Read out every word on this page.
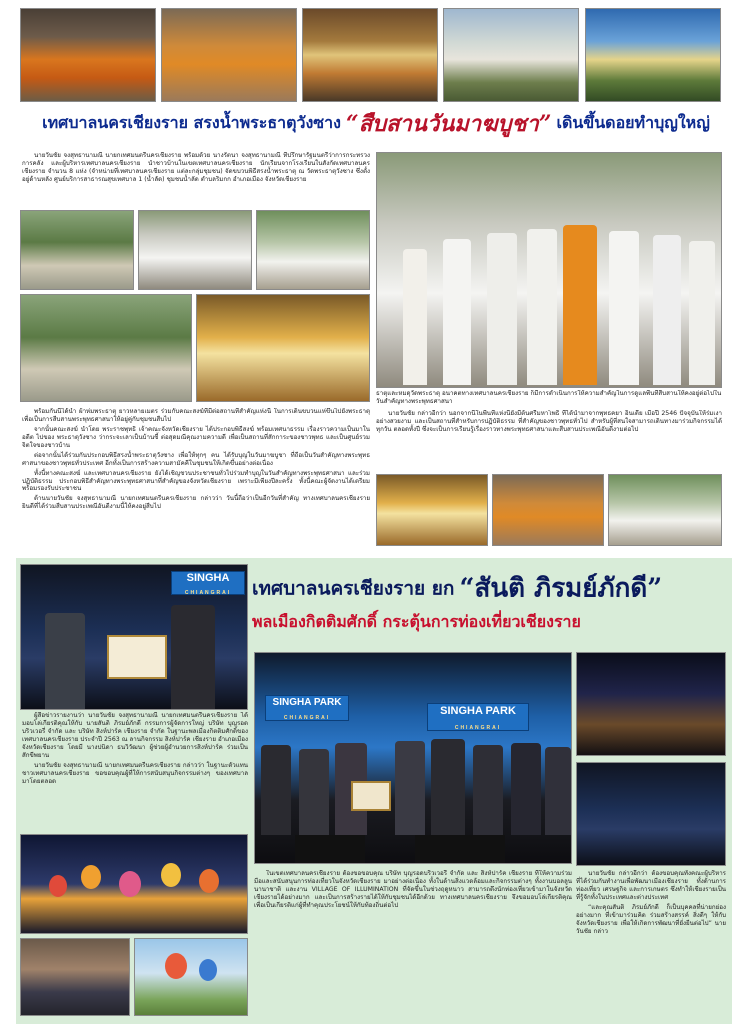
เทศบาลนครเชียงราย สรงน้ำพระธาตุวังซาง “สืบสานวันมาฆบูชา” เดินขึ้นดอยทำบุญใหญ่

นายวันชัย จงสุทธานามณี นายกเทศมนตรีนครเชียงราย พร้อมด้วย นางรัตนา จงสุทธานามณี ที่ปรึกษารัฐมนตรีว่าการกระทรวงการคลัง และผู้บริหารเทศบาลนครเชียงราย นำชาวบ้านในเขตเทศบาลนครเชียงราย นักเรียนจากโรงเรียนในสังกัดเทศบาลนครเชียงราย จำนวน 8 แห่ง (จำหน่ายที่เทศบาลนครเชียงราย แต่ละกลุ่มชุมชน) จัดขบวนพิธีสรงน้ำพระธาตุ ณ วัดพระธาตุวังซาง ซึ่งตั้งอยู่ด้านหลัง ศูนย์บริการสาธารณสุขเทศบาล 1 (น้ำลัด) ชุมชนน้ำลัด ตำบลริมกก อำเภอเมือง จังหวัดเชียงราย

พร้อมกันนี้ได้นำ ผ้าห่มพระธาตุ ยาวหลายเมตร ร่วมกับคณะสงฆ์ที่มีต่อสถานที่สำคัญแห่งนี้ ในการเดินขบวนแห่ขึ้นไปยังพระธาตุ เพื่อเป็นการสืบสานพระพุทธศาสนาให้อยู่คู่กับชุมชนสืบไป

จากนั้นคณะสงฆ์ นำโดย พระราชพุทธิ เจ้าคณะจังหวัดเชียงราย ได้ประกอบพิธีสงฆ์ พร้อมเทศนาธรรม เรื่องราวความเป็นมาในอดีต ไปของ พระธาตุวังซาง ว่ากระจะเลาเป็นบ้านชี้ ต่อสุดมณีคุณงามความดี เพื่อเป็นสถานที่สักการะของชาวพุทธ และเป็นศูนย์รวมจิตใจของชาวบ้าน

ต่อจากนั้นได้ร่วมกันประกอบพิธีสรงน้ำพระธาตุวังซาง เพื่อให้ทุกๆ คน ได้รับบุญในวันมาฆบูชา ที่ถือเป็นวันสำคัญทางพระพุทธศาสนาของชาวพุทธทั่วประเทศ อีกทั้งเป็นการสร้างความสามัคคีในชุมชนให้เกิดขึ้นอย่างต่อเนื่อง

ทั้งนี้ทางคณะสงฆ์ และเทศบาลนครเชียงราย ยังได้เชิญชวนประชาชนทั่วไปร่วมทำบุญในวันสำคัญทางพระพุทธศาสนา และร่วมปฏิบัติธรรม ประกอบพิธีสำคัญทางพระพุทธศาสนาที่สำคัญของจังหวัดเชียงราย เพราะมีเพียงปีละครั้ง ทั้งนี้คณะผู้จัดงานได้เตรียมพร้อมรองรับประชาชน

ด้านนายวันชัย จงสุทธานามณี นายกเทศมนตรีนครเชียงราย กล่าวว่า วันนี้ถือว่าเป็นอีกวันที่สำคัญ ทางเทศบาลนครเชียงรายยินดีที่ได้ร่วมสืบสานประเพณีอันดีงามนี้ให้คงอยู่สืบไป

ธาตุและหมดุวัดพระธาตุ อนาคตทางเทศบาลนครเชียงราย ก็มีการดำเนินการให้ความสำคัญในการดูแลพื้นที่สืบสานให้คงอยู่ต่อไปในวันสำคัญทางพระพุทธศาสนา

นายวันชัย กล่าวอีกว่า นอกจากนี้ในพื้นที่แห่งนี้ยังมีต้นศรีมหาโพธิ์ ที่ได้นำมาจากพุทธคยา อินเดีย เมื่อปี 2546 ปัจจุบันให้ร่มเงาอย่างสวยงาม และเป็นสถานที่สำหรับการปฏิบัติธรรม ที่สำคัญของชาวพุทธทั่วไป สำหรับผู้ที่สนใจสามารถเดินทางมาร่วมกิจกรรมได้ทุกวัน ตลอดทั้งปี ซึ่งจะเป็นการเรียนรู้เรื่องราวทางพระพุทธศาสนาและสืบสานประเพณีอันดีงามต่อไป

SINGHA
CHIANGRAI	เทศบาลนครเชียงราย ยก “สันติ ภิรมย์ภักดี”
พลเมืองกิตติมศักดิ์ กระตุ้นการท่องเที่ยวเชียงราย

ผู้สื่อข่าวรายงานว่า นายวันชัย จงสุทธานามณี นายกเทศมนตรีนครเชียงราย ได้มอบโล่เกียรติคุณให้กับ นายสันติ ภิรมย์ภักดี กรรมการผู้จัดการใหญ่ บริษัท บุญรอดบริวเวอรี่ จำกัด และ บริษัท สิงห์ปาร์ค เชียงราย จำกัด ในฐานะพลเมืองกิตติมศักดิ์ของเทศบาลนครเชียงราย ประจำปี 2563 ณ ลานกิจกรรม สิงห์ปาร์ค เชียงราย อำเภอเมือง จังหวัดเชียงราย โดยมี นางปนิดา ธนวิวัฒนา ผู้ช่วยผู้อำนวยการสิงห์ปาร์ค ร่วมเป็นสักขีพยาน

นายวันชัย จงสุทธานามณี นายกเทศมนตรีนครเชียงราย กล่าวว่า ในฐานะตัวแทนชาวเทศบาลนครเชียงราย ขอขอบคุณผู้ที่ให้การสนับสนุนกิจกรรมต่างๆ ของเทศบาลมาโดยตลอด

SINGHA PARK
CHIANGRAI
SINGHA PARK
CHIANGRAI

ในเขตเทศบาลนครเชียงราย ต้องขอขอบคุณ บริษัท บุญรอดบริวเวอรี่ จำกัด และ สิงห์ปาร์ค เชียงราย ที่ให้ความร่วมมือและสนับสนุนการท่องเที่ยวในจังหวัดเชียงราย มาอย่างต่อเนื่อง ทั้งในด้านสิ่งแวดล้อมและกิจกรรมต่างๆ ทั้งงานบอลลูนนานาชาติ และงาน VILLAGE OF ILLUMINATION ที่จัดขึ้นในช่วงฤดูหนาว สามารถดึงนักท่องเที่ยวเข้ามาในจังหวัดเชียงรายได้อย่างมาก และเป็นการสร้างรายได้ให้กับชุมชนได้อีกด้วย ทางเทศบาลนครเชียงราย จึงขอมอบโล่เกียรติคุณเพื่อเป็นเกียรติแก่ผู้ที่ทำคุณประโยชน์ให้กับท้องถิ่นต่อไป

นายวันชัย กล่าวอีกว่า ต้องขอบคุณทั้งคณะผู้บริหาร ที่ได้ร่วมกันทำงานเพื่อพัฒนาเมืองเชียงราย ทั้งด้านการท่องเที่ยว เศรษฐกิจ และการเกษตร ซึ่งทำให้เชียงรายเป็นที่รู้จักทั้งในประเทศและต่างประเทศ

“และคุณสันติ ภิรมย์ภักดี ก็เป็นบุคคลที่น่ายกย่องอย่างมาก ที่เข้ามาร่วมคิด ร่วมสร้างสรรค์ สิ่งดีๆ ให้กับจังหวัดเชียงราย เพื่อให้เกิดการพัฒนาที่ยั่งยืนต่อไป” นายวันชัย กล่าว
